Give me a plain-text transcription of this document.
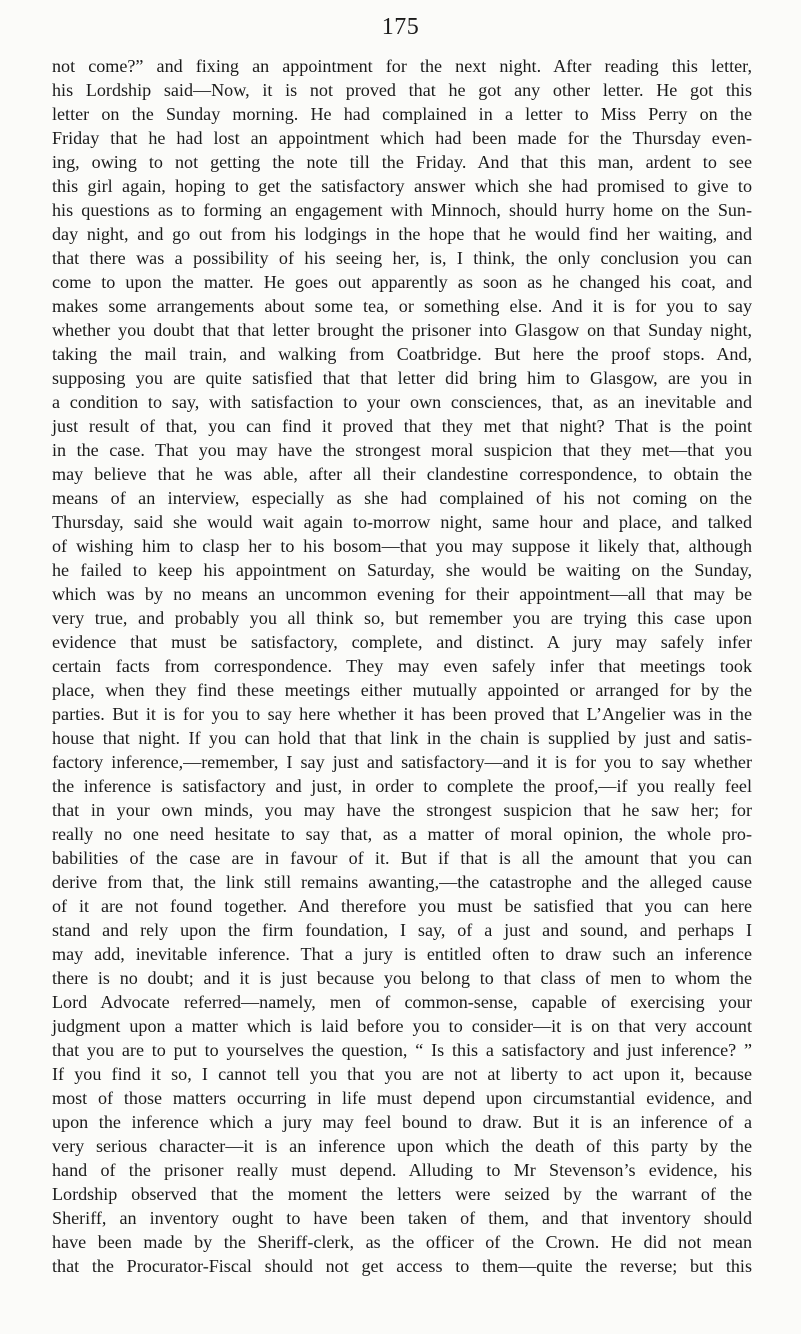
175
not come?” and fixing an appointment for the next night. After reading this letter,
his Lordship said—Now, it is not proved that he got any other letter. He got this
letter on the Sunday morning. He had complained in a letter to Miss Perry on the
Friday that he had lost an appointment which had been made for the Thursday even-
ing, owing to not getting the note till the Friday. And that this man, ardent to see
this girl again, hoping to get the satisfactory answer which she had promised to give to
his questions as to forming an engagement with Minnoch, should hurry home on the Sun-
day night, and go out from his lodgings in the hope that he would find her waiting, and
that there was a possibility of his seeing her, is, I think, the only conclusion you can
come to upon the matter. He goes out apparently as soon as he changed his coat, and
makes some arrangements about some tea, or something else. And it is for you to say
whether you doubt that that letter brought the prisoner into Glasgow on that Sunday night,
taking the mail train, and walking from Coatbridge. But here the proof stops. And,
supposing you are quite satisfied that that letter did bring him to Glasgow, are you in
a condition to say, with satisfaction to your own consciences, that, as an inevitable and
just result of that, you can find it proved that they met that night? That is the point
in the case. That you may have the strongest moral suspicion that they met—that you
may believe that he was able, after all their clandestine correspondence, to obtain the
means of an interview, especially as she had complained of his not coming on the
Thursday, said she would wait again to-morrow night, same hour and place, and talked
of wishing him to clasp her to his bosom—that you may suppose it likely that, although
he failed to keep his appointment on Saturday, she would be waiting on the Sunday,
which was by no means an uncommon evening for their appointment—all that may be
very true, and probably you all think so, but remember you are trying this case upon
evidence that must be satisfactory, complete, and distinct. A jury may safely infer
certain facts from correspondence. They may even safely infer that meetings took
place, when they find these meetings either mutually appointed or arranged for by the
parties. But it is for you to say here whether it has been proved that L’Angelier was in the
house that night. If you can hold that that link in the chain is supplied by just and satis-
factory inference,—remember, I say just and satisfactory—and it is for you to say whether
the inference is satisfactory and just, in order to complete the proof,—if you really feel
that in your own minds, you may have the strongest suspicion that he saw her; for
really no one need hesitate to say that, as a matter of moral opinion, the whole pro-
babilities of the case are in favour of it. But if that is all the amount that you can
derive from that, the link still remains awanting,—the catastrophe and the alleged cause
of it are not found together. And therefore you must be satisfied that you can here
stand and rely upon the firm foundation, I say, of a just and sound, and perhaps I
may add, inevitable inference. That a jury is entitled often to draw such an inference
there is no doubt; and it is just because you belong to that class of men to whom the
Lord Advocate referred—namely, men of common-sense, capable of exercising your
judgment upon a matter which is laid before you to consider—it is on that very account
that you are to put to yourselves the question, “ Is this a satisfactory and just inference? ”
If you find it so, I cannot tell you that you are not at liberty to act upon it, because
most of those matters occurring in life must depend upon circumstantial evidence, and
upon the inference which a jury may feel bound to draw. But it is an inference of a
very serious character—it is an inference upon which the death of this party by the
hand of the prisoner really must depend. Alluding to Mr Stevenson’s evidence, his
Lordship observed that the moment the letters were seized by the warrant of the
Sheriff, an inventory ought to have been taken of them, and that inventory should
have been made by the Sheriff-clerk, as the officer of the Crown. He did not mean
that the Procurator-Fiscal should not get access to them—quite the reverse; but this
